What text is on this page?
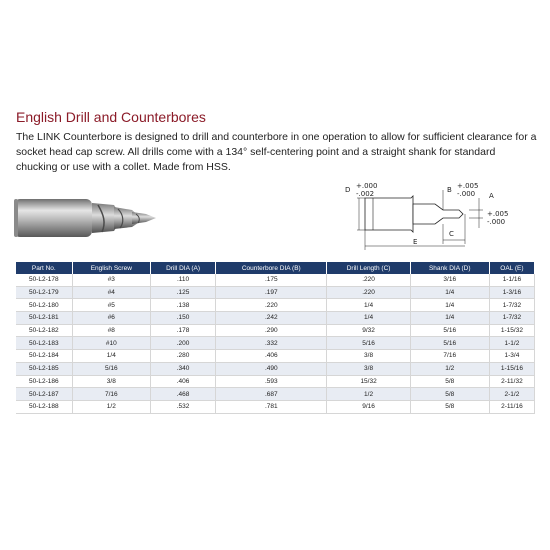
English Drill and Counterbores
The LINK Counterbore is designed to drill and counterbore in one operation to allow for sufficient clearance for a socket head cap screw. All drills come with a 134° self-centering point and a straight shank for standard chucking or use with a collet. Made from HSS.
D +.000
-.002	B +.005
-.000 A
+.005
-.000
C
E
Part No.	English Screw	Drill DIA (A)	Counterbore DIA (B)	Drill Length (C)	Shank DIA (D)	OAL (E)
50-L2-178	#3	.110	.175	.220	3/16	1-1/16
50-L2-179	#4	.125	.197	.220	1/4	1-3/16
50-L2-180	#5	.138	.220	1/4	1/4	1-7/32
50-L2-181	#6	.150	.242	1/4	1/4	1-7/32
50-L2-182	#8	.178	.290	9/32	5/16	1-15/32
50-L2-183	#10	.200	.332	5/16	5/16	1-1/2
50-L2-184	1/4	.280	.406	3/8	7/16	1-3/4
50-L2-185	5/16	.340	.490	3/8	1/2	1-15/16
50-L2-186	3/8	.406	.593	15/32	5/8	2-11/32
50-L2-187	7/16	.468	.687	1/2	5/8	2-1/2
50-L2-188	1/2	.532	.781	9/16	5/8	2-11/16
